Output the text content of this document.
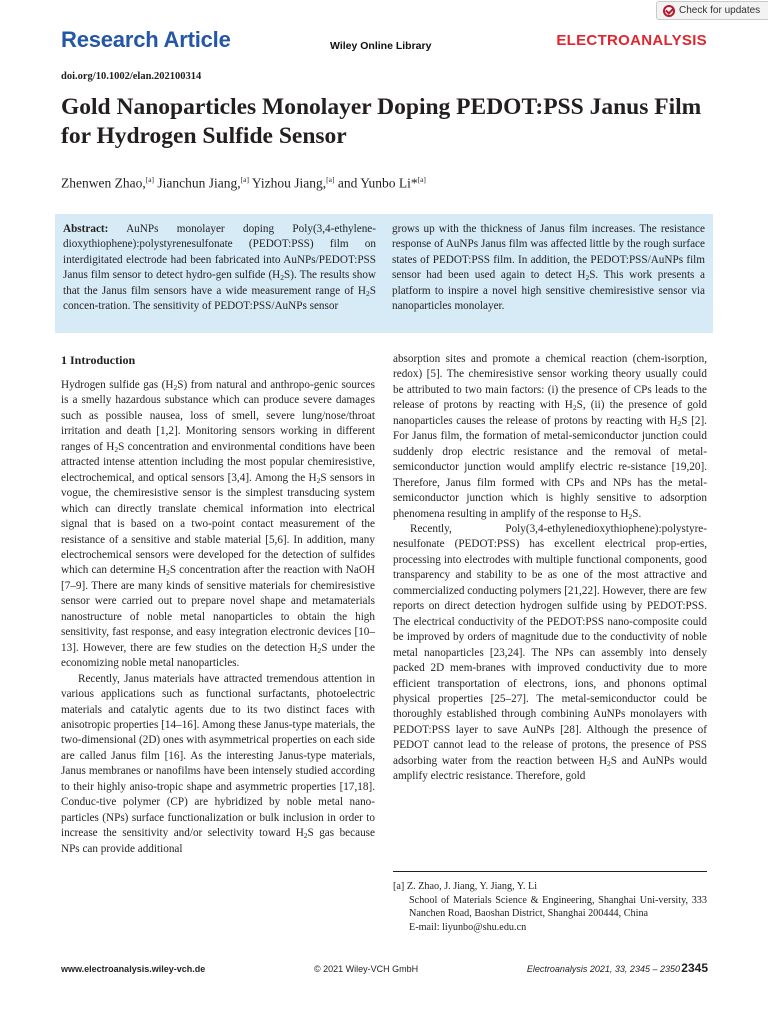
Check for updates
Research Article	Wiley Online Library	ELECTROANALYSIS
doi.org/10.1002/elan.202100314
Gold Nanoparticles Monolayer Doping PEDOT:PSS Janus Film for Hydrogen Sulfide Sensor
Zhenwen Zhao,[a] Jianchun Jiang,[a] Yizhou Jiang,[a] and Yunbo Li*[a]
Abstract: AuNPs monolayer doping Poly(3,4-ethylene-dioxythiophene):polystyrenesulfonate (PEDOT:PSS) film on interdigitated electrode had been fabricated into AuNPs/PEDOT:PSS Janus film sensor to detect hydro-gen sulfide $(H_2S)$. The results show that the Janus film sensors have a wide measurement range of $H_2S$ concen-tration. The sensitivity of PEDOT:PSS/AuNPs sensor
grows up with the thickness of Janus film increases. The resistance response of AuNPs Janus film was affected little by the rough surface states of PEDOT:PSS film. In addition, the PEDOT:PSS/AuNPs film sensor had been used again to detect $H_2S$. This work presents a platform to inspire a novel high sensitive chemiresistive sensor via nanoparticles monolayer.
1 Introduction

Hydrogen sulfide gas $(H_2S)$ from natural and anthropo-genic sources is a smelly hazardous substance which can produce severe damages such as possible nausea, loss of smell, severe lung/nose/throat irritation and death [1,2]. Monitoring sensors working in different ranges of $H_2S$ concentration and environmental conditions have been attracted intense attention including the most popular chemiresistive, electrochemical, and optical sensors [3,4]. Among the $H_2S$ sensors in vogue, the chemiresistive sensor is the simplest transducing system which can directly translate chemical information into electrical signal that is based on a two-point contact measurement of the resistance of a sensitive and stable material [5,6]. In addition, many electrochemical sensors were developed for the detection of sulfides which can determine $H_2S$ concentration after the reaction with NaOH [7–9]. There are many kinds of sensitive materials for chemiresistive sensor were carried out to prepare novel shape and metamaterials nanostructure of noble metal nanoparticles to obtain the high sensitivity, fast response, and easy integration electronic devices [10–13]. However, there are few studies on the detection $H_2S$ under the economizing noble metal nanoparticles.

Recently, Janus materials have attracted tremendous attention in various applications such as functional surfactants, photoelectric materials and catalytic agents due to its two distinct faces with anisotropic properties [14–16]. Among these Janus-type materials, the two-dimensional (2D) ones with asymmetrical properties on each side are called Janus film [16]. As the interesting Janus-type materials, Janus membranes or nanofilms have been intensely studied according to their highly aniso-tropic shape and asymmetric properties [17,18]. Conduc-tive polymer (CP) are hybridized by noble metal nano-particles (NPs) surface functionalization or bulk inclusion in order to increase the sensitivity and/or selectivity toward $H_2S$ gas because NPs can provide additional

absorption sites and promote a chemical reaction (chem-isorption, redox) [5]. The chemiresistive sensor working theory usually could be attributed to two main factors: (i) the presence of CPs leads to the release of protons by reacting with $H_2S$, (ii) the presence of gold nanoparticles causes the release of protons by reacting with $H_2S$ [2]. For Janus film, the formation of metal-semiconductor junction could suddenly drop electric resistance and the removal of metal-semiconductor junction would amplify electric re-sistance [19,20]. Therefore, Janus film formed with CPs and NPs has the metal-semiconductor junction which is highly sensitive to adsorption phenomena resulting in amplify of the response to $H_2S$.

Recently, Poly(3,4-ethylenedioxythiophene):polystyre-nesulfonate (PEDOT:PSS) has excellent electrical prop-erties, processing into electrodes with multiple functional components, good transparency and stability to be as one of the most attractive and commercialized conducting polymers [21,22]. However, there are few reports on direct detection hydrogen sulfide using by PEDOT:PSS. The electrical conductivity of the PEDOT:PSS nano-composite could be improved by orders of magnitude due to the conductivity of noble metal nanoparticles [23,24]. The NPs can assembly into densely packed 2D mem-branes with improved conductivity due to more efficient transportation of electrons, ions, and phonons optimal physical properties [25–27]. The metal-semiconductor could be thoroughly established through combining AuNPs monolayers with PEDOT:PSS layer to save AuNPs [28]. Although the presence of PEDOT cannot lead to the release of protons, the presence of PSS adsorbing water from the reaction between $H_2S$ and AuNPs would amplify electric resistance. Therefore, gold

[a] Z. Zhao, J. Jiang, Y. Jiang, Y. Li
School of Materials Science & Engineering, Shanghai Uni-versity, 333 Nanchen Road, Baoshan District, Shanghai 200444, China
E-mail: liyunbo@shu.edu.cn
www.electroanalysis.wiley-vch.de	© 2021 Wiley-VCH GmbH	Electroanalysis 2021, 33, 2345 – 2350 2345
